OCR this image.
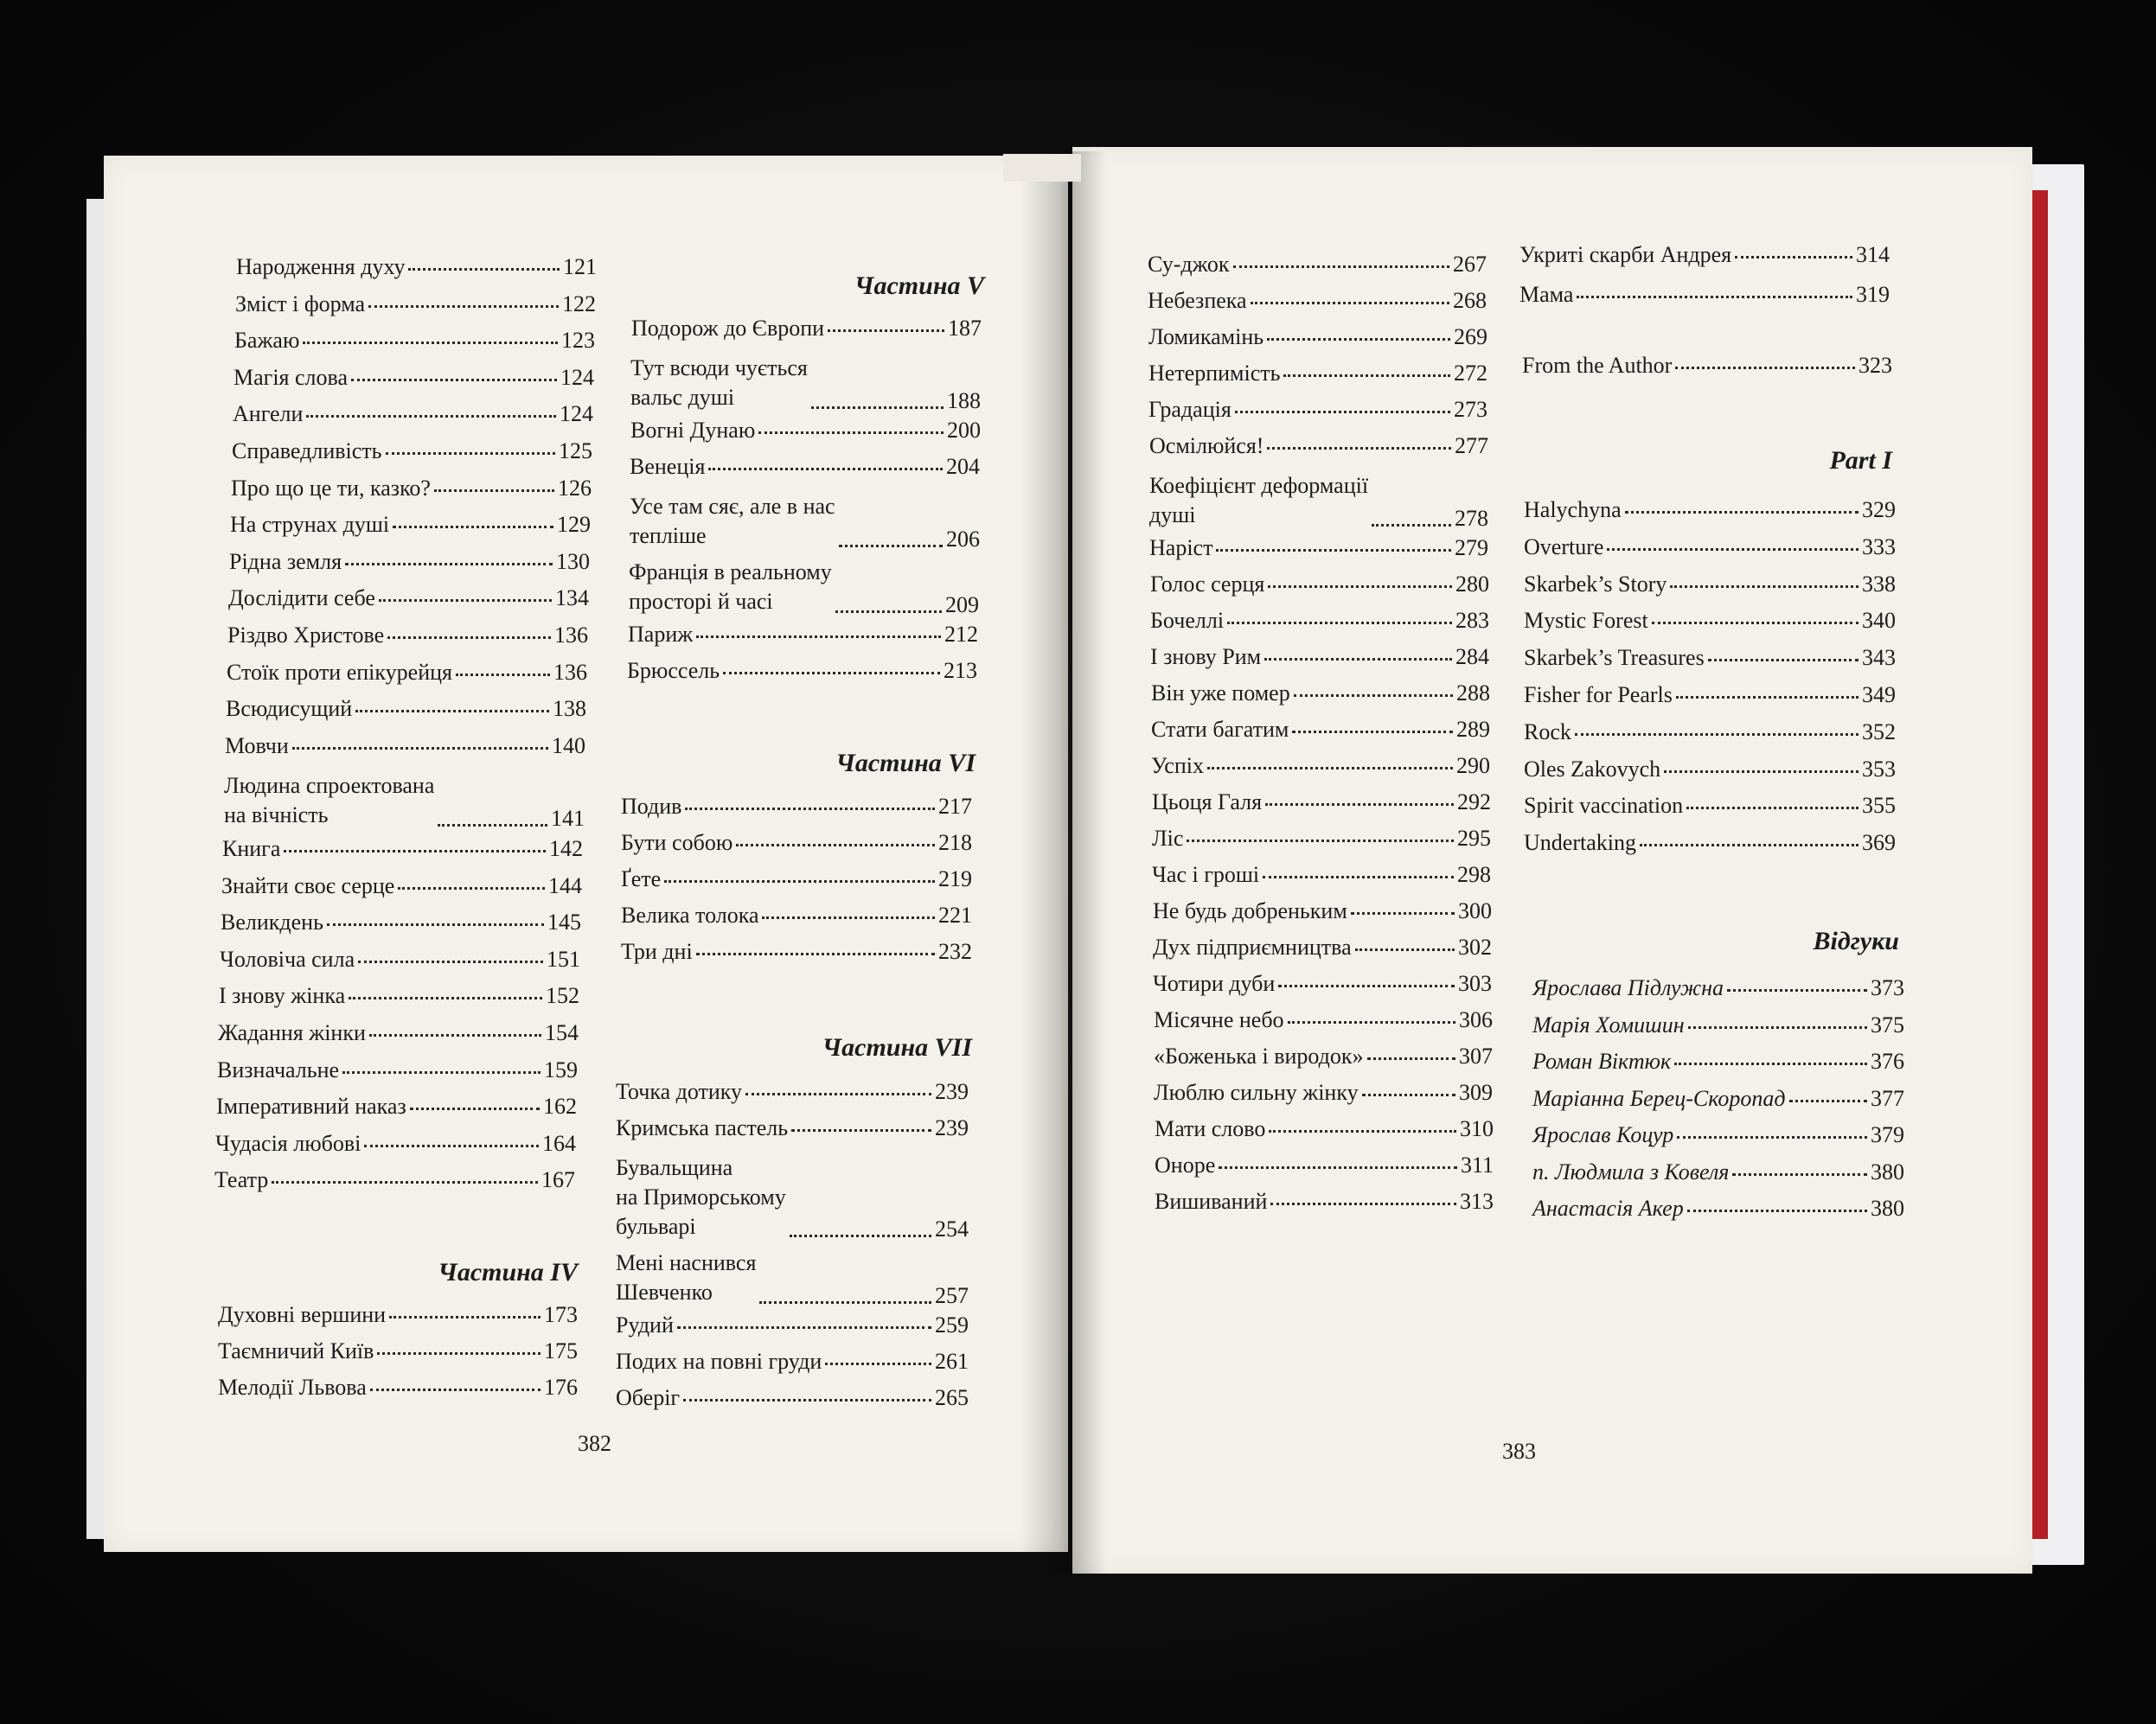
Народження духу	121
Зміст і форма	122
Бажаю	123
Магія слова	124
Ангели	124
Справедливість	125
Про що це ти, казко?	126
На струнах душі	129
Рідна земля	130
Дослідити себе	134
Різдво Христове	136
Стоїк проти епікурейця	136
Всюдисущий	138
Мовчи	140
Людина спроектована
на вічність	141
Книга	142
Знайти своє серце	144
Великдень	145
Чоловіча сила	151
І знову жінка	152
Жадання жінки	154
Визначальне	159
Імперативний наказ	162
Чудасія любові	164
Театр	167
Частина IV
Духовні вершини	173
Таємничий Київ	175
Мелодії Львова	176
Частина V
Подорож до Європи	187
Тут всюди чується
вальс душі	188
Вогні Дунаю	200
Венеція	204
Усе там сяє, але в нас
тепліше	206
Франція в реальному
просторі й часі	209
Париж	212
Брюссель	213
Частина VI
Подив	217
Бути собою	218
Ґете	219
Велика толока	221
Три дні	232
Частина VII
Точка дотику	239
Кримська пастель	239
Бувальщина
на Приморському
бульварі	254
Мені наснився
Шевченко	257
Рудий	259
Подих на повні груди	261
Оберіг	265
Су-джок	267
Небезпека	268
Ломикамінь	269
Нетерпимість	272
Градація	273
Осмілюйся!	277
Коефіцієнт деформації
душі	278
Наріст	279
Голос серця	280
Бочеллі	283
І знову Рим	284
Він уже помер	288
Стати багатим	289
Успіх	290
Цьоця Галя	292
Ліс	295
Час і гроші	298
Не будь добреньким	300
Дух підприємництва	302
Чотири дуби	303
Місячне небо	306
«Боженька і виродок»	307
Люблю сильну жінку	309
Мати слово	310
Оноре	311
Вишиваний	313
Укриті скарби Андрея	314
Мама	319
From the Author	323
Part I
Halychyna	329
Overture	333
Skarbek’s Story	338
Mystic Forest	340
Skarbek’s Treasures	343
Fisher for Pearls	349
Rock	352
Oles Zakovych	353
Spirit vaccination	355
Undertaking	369
Відгуки
Ярослава Підлужна	373
Марія Хомишин	375
Роман Віктюк	376
Маріанна Берец-Скоропад	377
Ярослав Коцур	379
п. Людмила з Ковеля	380
Анастасія Акер	380
382	383
